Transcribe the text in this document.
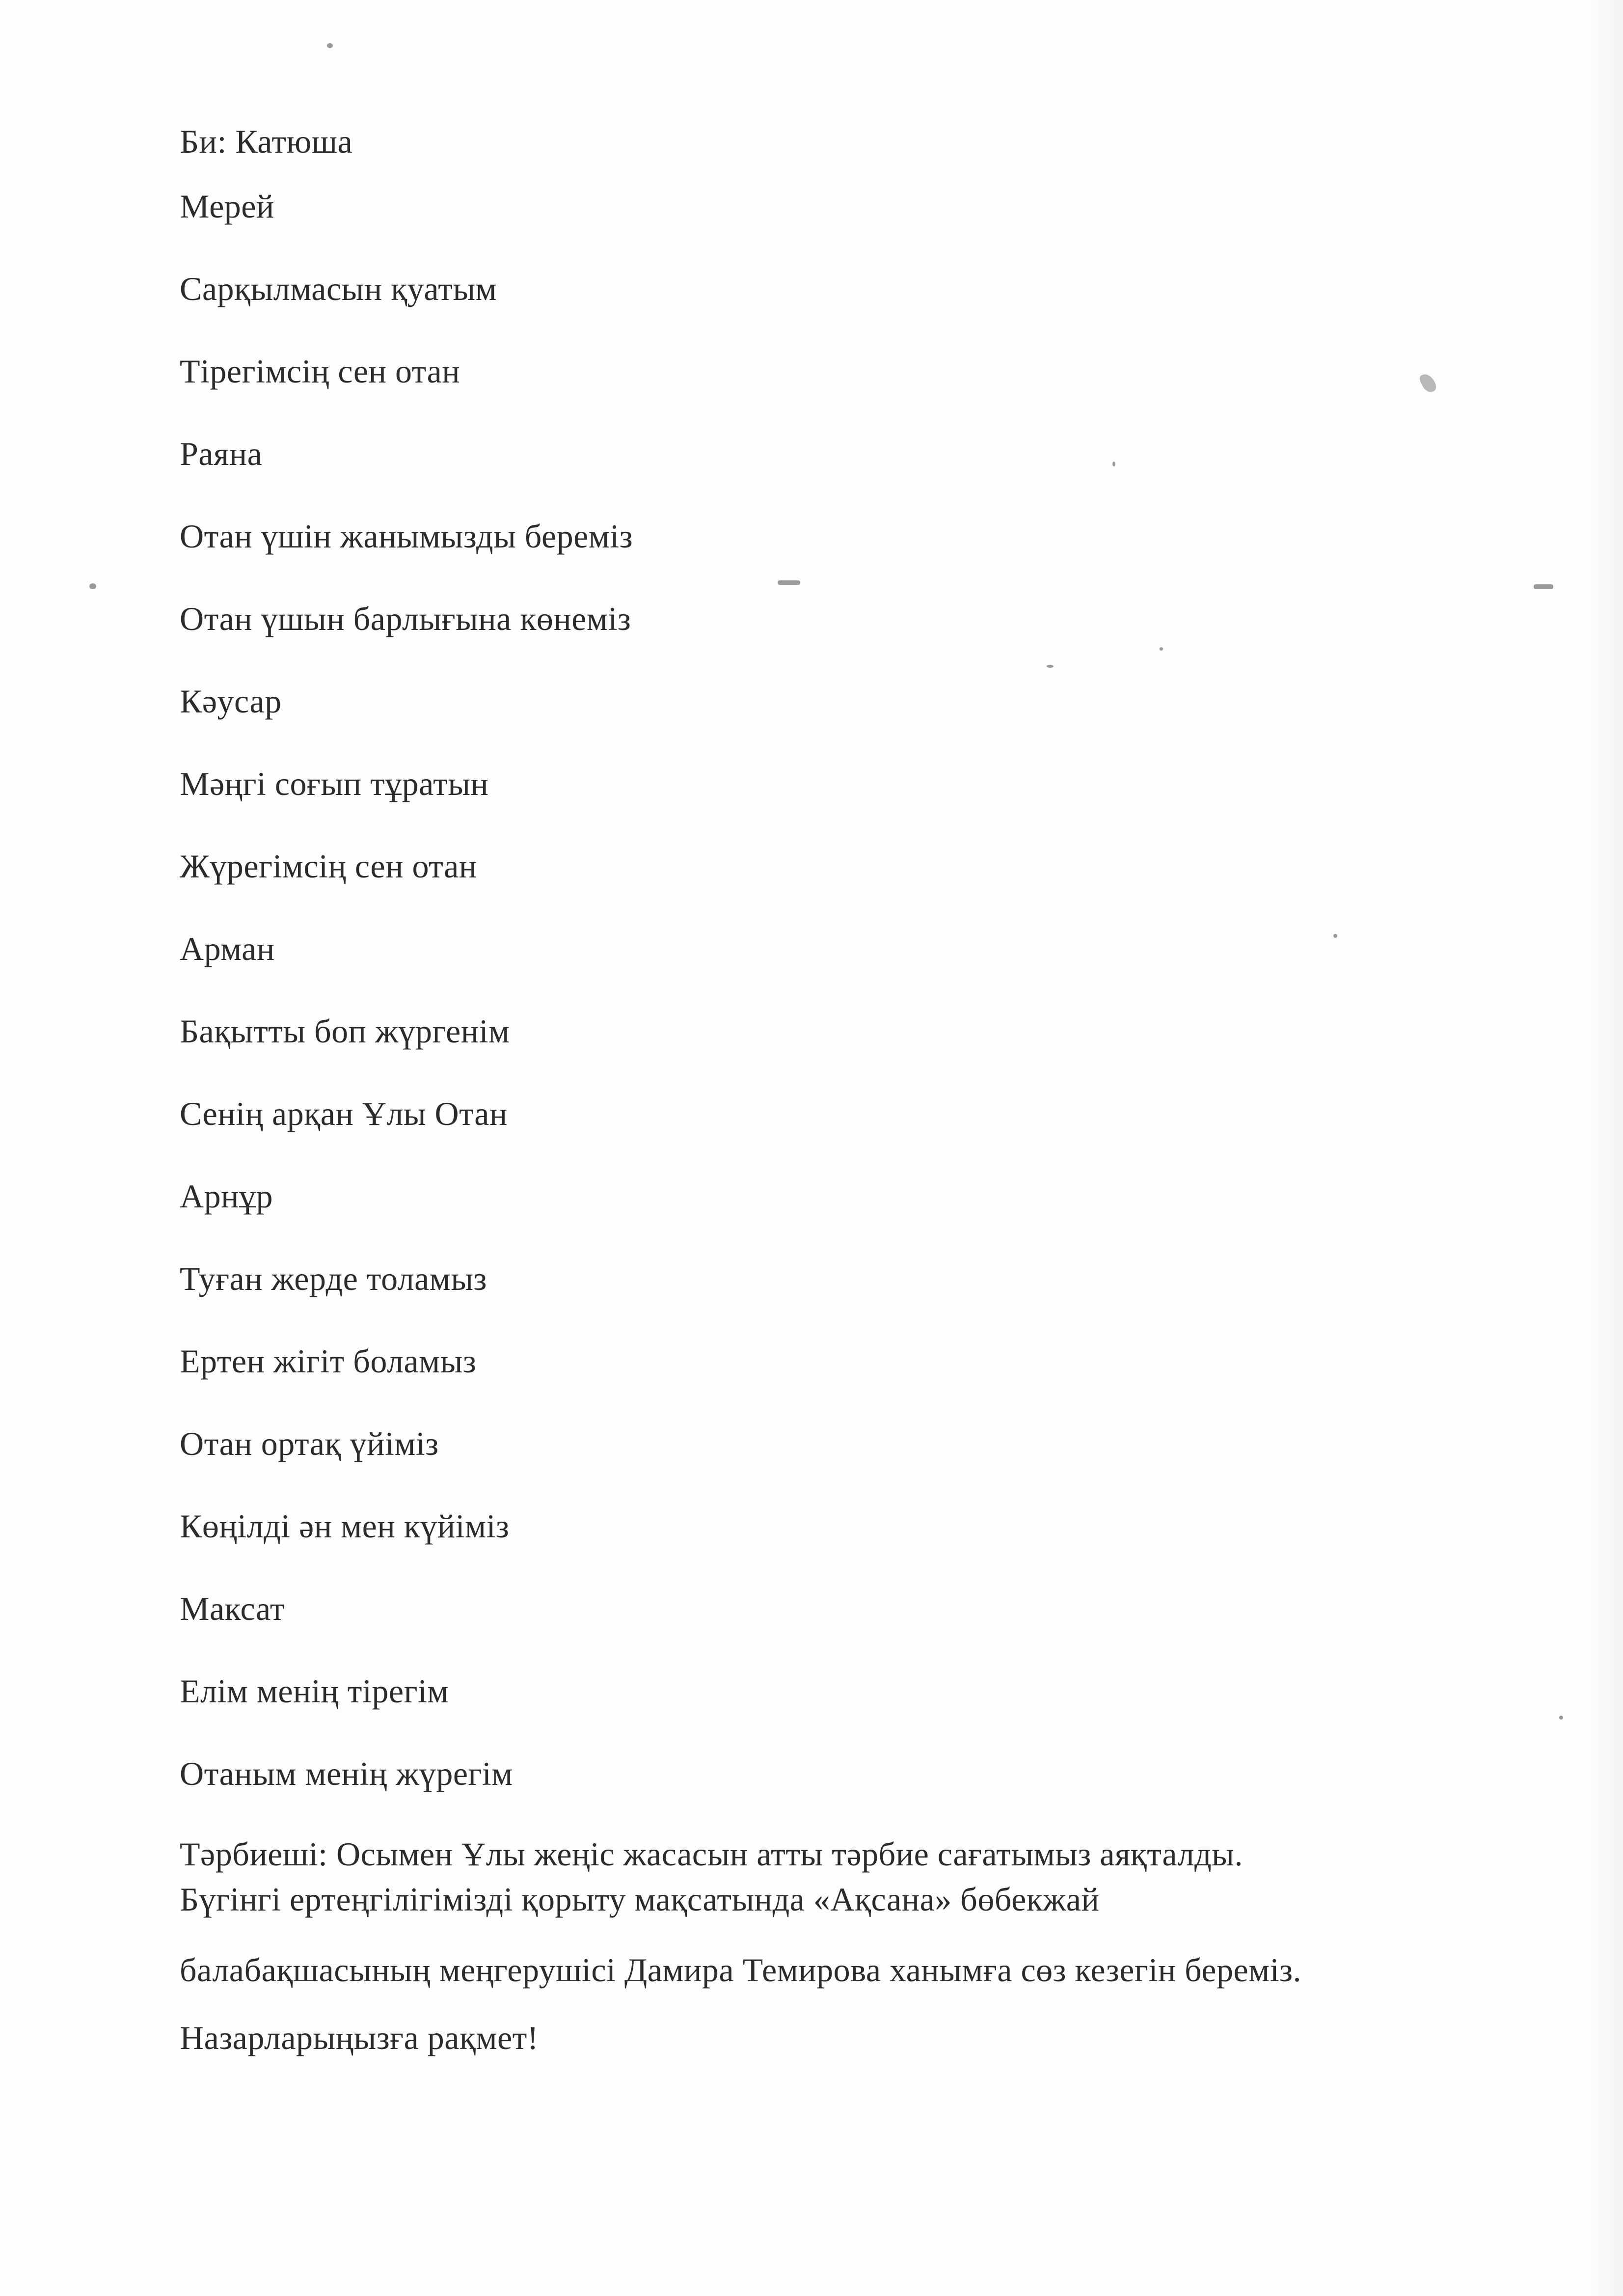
Би: Катюша
Мерей
Сарқылмасын қуатым
Тірегімсің сен отан
Раяна
Отан үшін жанымызды береміз
Отан үшын барлығына көнеміз
Кәусар
Мәңгі соғып тұратын
Жүрегімсің сен отан
Арман
Бақытты боп жүргенім
Сенің арқан Ұлы Отан
Арнұр
Туған жерде толамыз
Ертен жігіт боламыз
Отан ортақ үйіміз
Көңілді ән мен күйіміз
Максат
Елім менің тірегім
Отаным менің жүрегім
Тәрбиеші: Осымен Ұлы жеңіс жасасын атты тәрбие сағатымыз аяқталды.
Бүгінгі ертеңгілігімізді қорыту мақсатында «Ақсана» бөбекжай
балабақшасының меңгерушісі Дамира Темирова ханымға сөз кезегін береміз.
Назарларыңызға рақмет!
